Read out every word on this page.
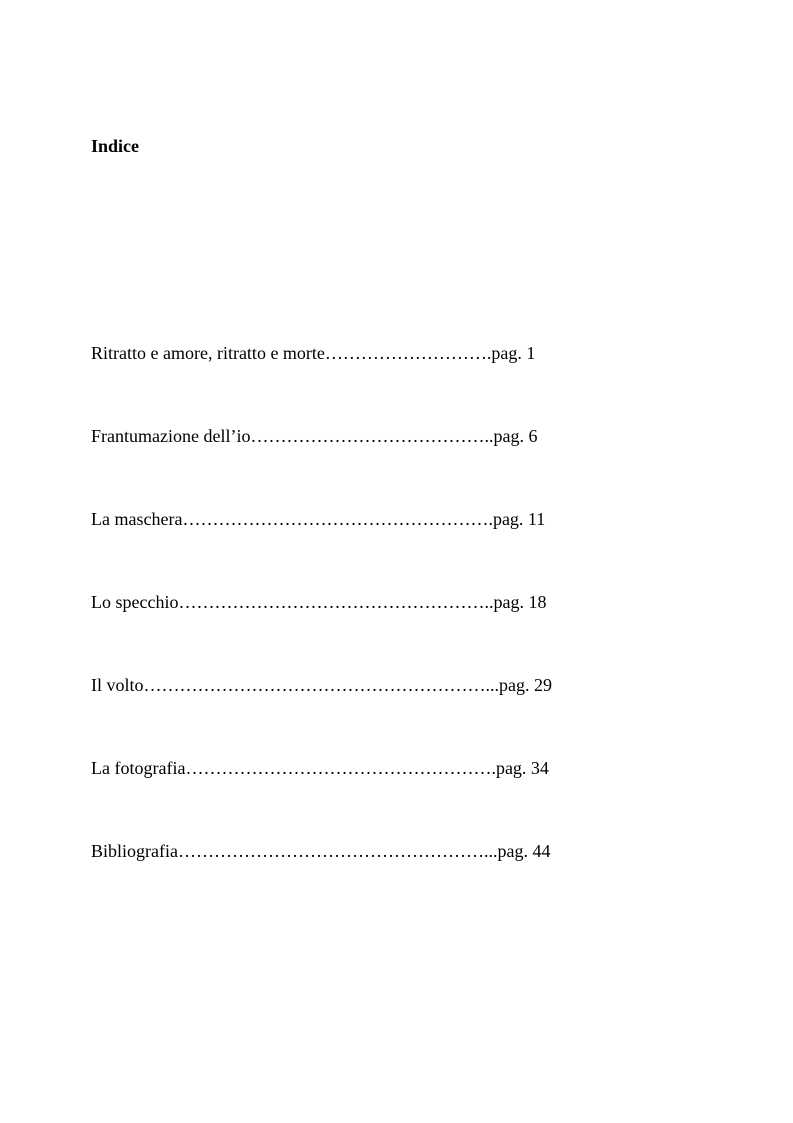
Indice
Ritratto e amore, ritratto e morte……………………….pag. 1
Frantumazione dell’io…………………………………..pag. 6
La maschera…………………………………………….pag. 11
Lo specchio……………………………………………..pag. 18
Il volto…………………………………………………...pag. 29
La fotografia…………………………………………….pag. 34
Bibliografia……………………………………………...pag. 44
